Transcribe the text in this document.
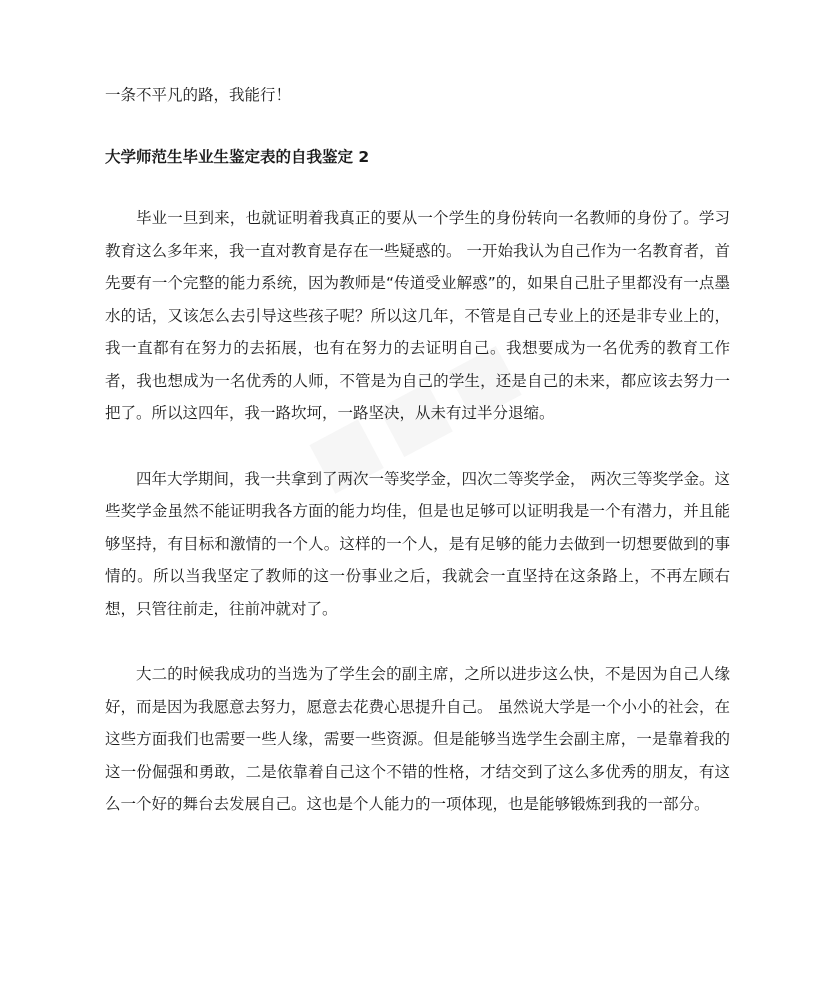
一条不平凡的路，我能行！

大学师范生毕业生鉴定表的自我鉴定 2

毕业一旦到来，也就证明着我真正的要从一个学生的身份转向一名教师的身份了。学习教育这么多年来，我一直对教育是存在一些疑惑的。 一开始我认为自己作为一名教育者，首先要有一个完整的能力系统，因为教师是“传道受业解惑”的，如果自己肚子里都没有一点墨水的话，又该怎么去引导这些孩子呢？所以这几年，不管是自己专业上的还是非专业上的，我一直都有在努力的去拓展，也有在努力的去证明自己。我想要成为一名优秀的教育工作者，我也想成为一名优秀的人师，不管是为自己的学生，还是自己的未来，都应该去努力一把了。所以这四年，我一路坎坷，一路坚决，从未有过半分退缩。

四年大学期间，我一共拿到了两次一等奖学金，四次二等奖学金， 两次三等奖学金。这些奖学金虽然不能证明我各方面的能力均佳，但是也足够可以证明我是一个有潜力，并且能够坚持，有目标和激情的一个人。这样的一个人，是有足够的能力去做到一切想要做到的事情的。所以当我坚定了教师的这一份事业之后，我就会一直坚持在这条路上，不再左顾右想，只管往前走，往前冲就对了。

大二的时候我成功的当选为了学生会的副主席，之所以进步这么快，不是因为自己人缘好，而是因为我愿意去努力，愿意去花费心思提升自己。 虽然说大学是一个小小的社会，在这些方面我们也需要一些人缘，需要一些资源。但是能够当选学生会副主席，一是靠着我的这一份倔强和勇敢，二是依靠着自己这个不错的性格，才结交到了这么多优秀的朋友，有这么一个好的舞台去发展自己。这也是个人能力的一项体现，也是能够锻炼到我的一部分。
